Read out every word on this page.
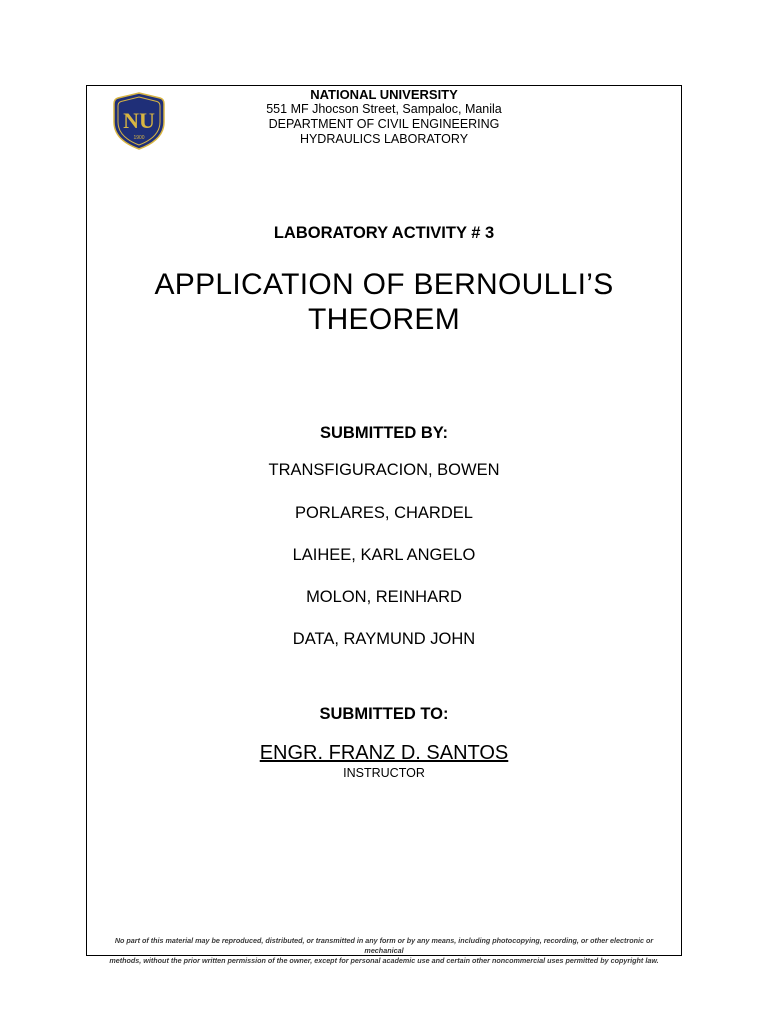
NU
1900
NATIONAL UNIVERSITY
551 MF Jhocson Street, Sampaloc, Manila
DEPARTMENT OF CIVIL ENGINEERING
HYDRAULICS LABORATORY
LABORATORY ACTIVITY # 3
APPLICATION OF BERNOULLI’S
THEOREM
SUBMITTED BY:
TRANSFIGURACION, BOWEN
PORLARES, CHARDEL
LAIHEE, KARL ANGELO
MOLON, REINHARD
DATA, RAYMUND JOHN
SUBMITTED TO:
ENGR. FRANZ D. SANTOS
INSTRUCTOR
No part of this material may be reproduced, distributed, or transmitted in any form or by any means, including photocopying, recording, or other electronic or mechanical
methods, without the prior written permission of the owner, except for personal academic use and certain other noncommercial uses permitted by copyright law.
